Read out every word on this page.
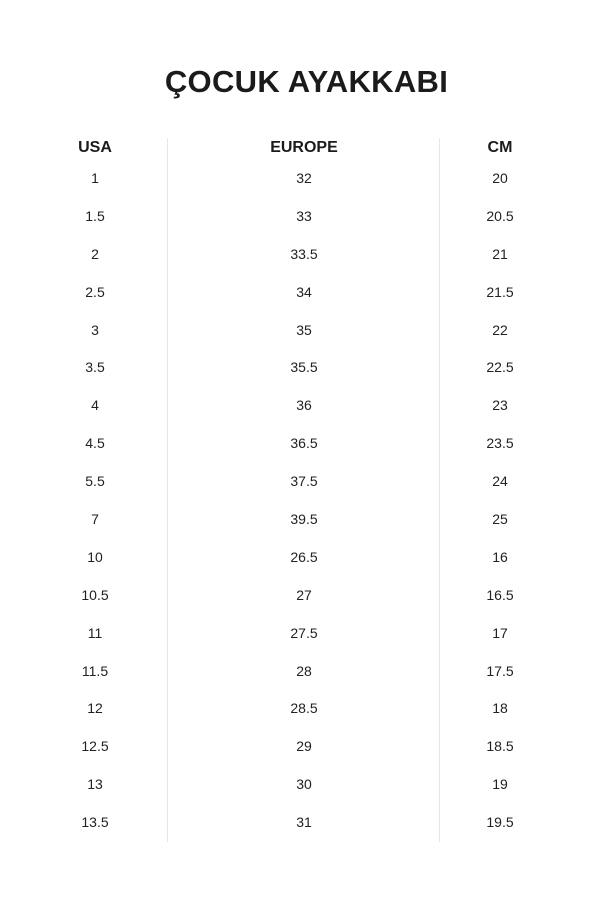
ÇOCUK AYAKKABI
USA
1
1.5
2
2.5
3
3.5
4
4.5
5.5
7
10
10.5
11
11.5
12
12.5
13
13.5
EUROPE
32
33
33.5
34
35
35.5
36
36.5
37.5
39.5
26.5
27
27.5
28
28.5
29
30
31
CM
20
20.5
21
21.5
22
22.5
23
23.5
24
25
16
16.5
17
17.5
18
18.5
19
19.5
